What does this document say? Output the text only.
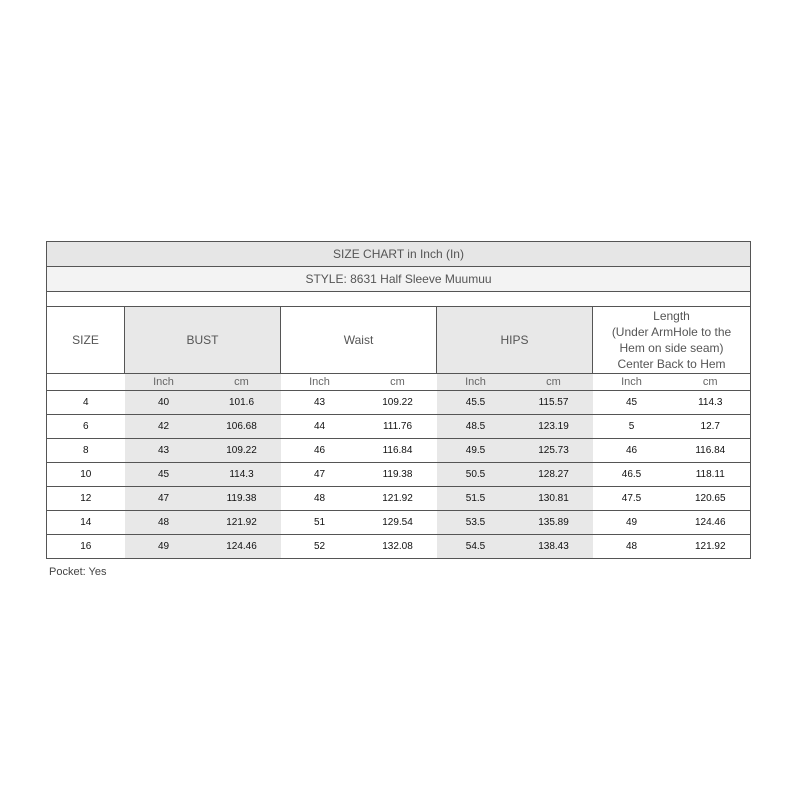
SIZE CHART in Inch (In)								
STYLE: 8631 Half Sleeve Muumuu								

SIZE	BUST		Waist		HIPS		Length
(Under ArmHole to the
Hem on side seam)
Center Back to Hem	

	Inch	cm	Inch	cm	Inch	cm	Inch	cm
4	40	101.6	43	109.22	45.5	115.57	45	114.3
6	42	106.68	44	111.76	48.5	123.19	5	12.7
8	43	109.22	46	116.84	49.5	125.73	46	116.84
10	45	114.3	47	119.38	50.5	128.27	46.5	118.11
12	47	119.38	48	121.92	51.5	130.81	47.5	120.65
14	48	121.92	51	129.54	53.5	135.89	49	124.46
16	49	124.46	52	132.08	54.5	138.43	48	121.92
Pocket: Yes
